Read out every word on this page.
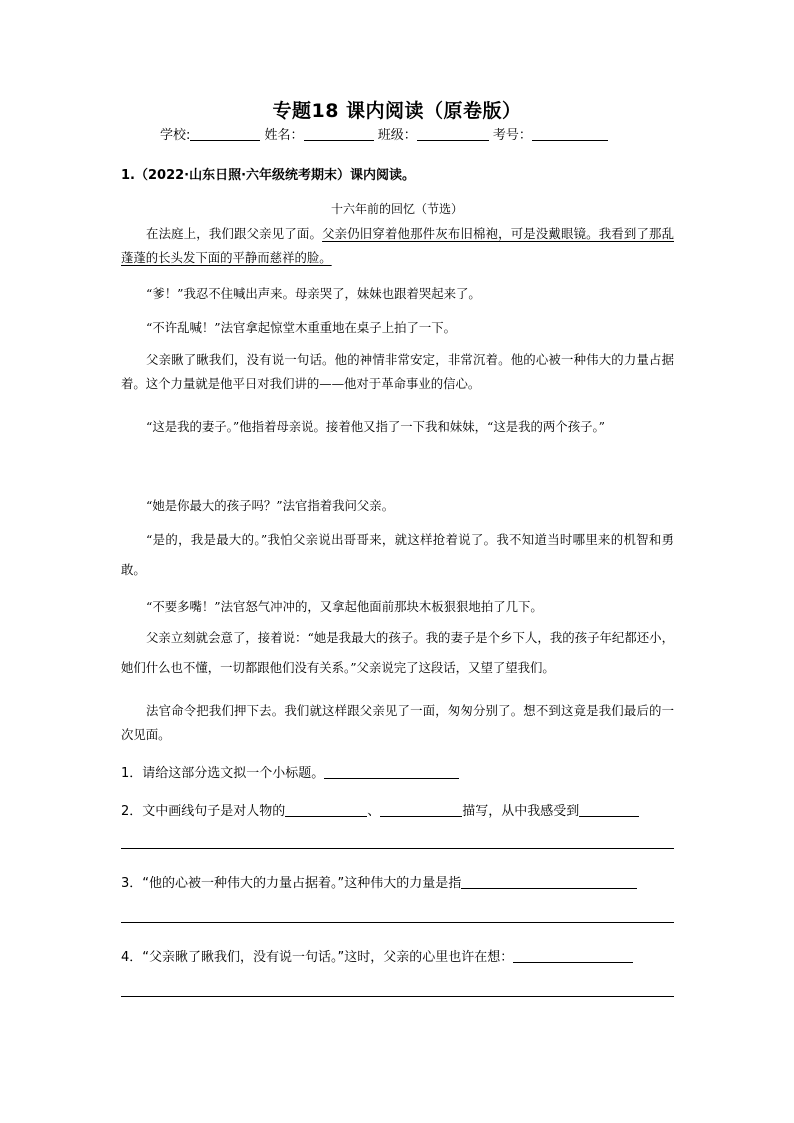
专题18 课内阅读（原卷版）
学校:	姓名：	班级：	考号：
1.（2022·山东日照·六年级统考期末）课内阅读。
十六年前的回忆（节选）

在法庭上，我们跟父亲见了面。父亲仍旧穿着他那件灰布旧棉袍，可是没戴眼镜。我看到了那乱蓬蓬的长头发下面的平静而慈祥的脸。

“爹！”我忍不住喊出声来。母亲哭了，妹妹也跟着哭起来了。

“不许乱喊！”法官拿起惊堂木重重地在桌子上拍了一下。

父亲瞅了瞅我们，没有说一句话。他的神情非常安定，非常沉着。他的心被一种伟大的力量占据着。这个力量就是他平日对我们讲的——他对于革命事业的信心。

“这是我的妻子。”他指着母亲说。接着他又指了一下我和妹妹，“这是我的两个孩子。”

“她是你最大的孩子吗？”法官指着我问父亲。

“是的，我是最大的。”我怕父亲说出哥哥来，就这样抢着说了。我不知道当时哪里来的机智和勇敢。

“不要多嘴！”法官怒气冲冲的，又拿起他面前那块木板狠狠地拍了几下。

父亲立刻就会意了，接着说：“她是我最大的孩子。我的妻子是个乡下人，我的孩子年纪都还小，她们什么也不懂，一切都跟他们没有关系。”父亲说完了这段话，又望了望我们。

法官命令把我们押下去。我们就这样跟父亲见了一面，匆匆分别了。想不到这竟是我们最后的一次见面。

1．请给这部分选文拟一个小标题。
2．文中画线句子是对人物的	、	描写，从中我感受到
3．“他的心被一种伟大的力量占据着。”这种伟大的力量是指
4．“父亲瞅了瞅我们，没有说一句话。”这时，父亲的心里也许在想：
